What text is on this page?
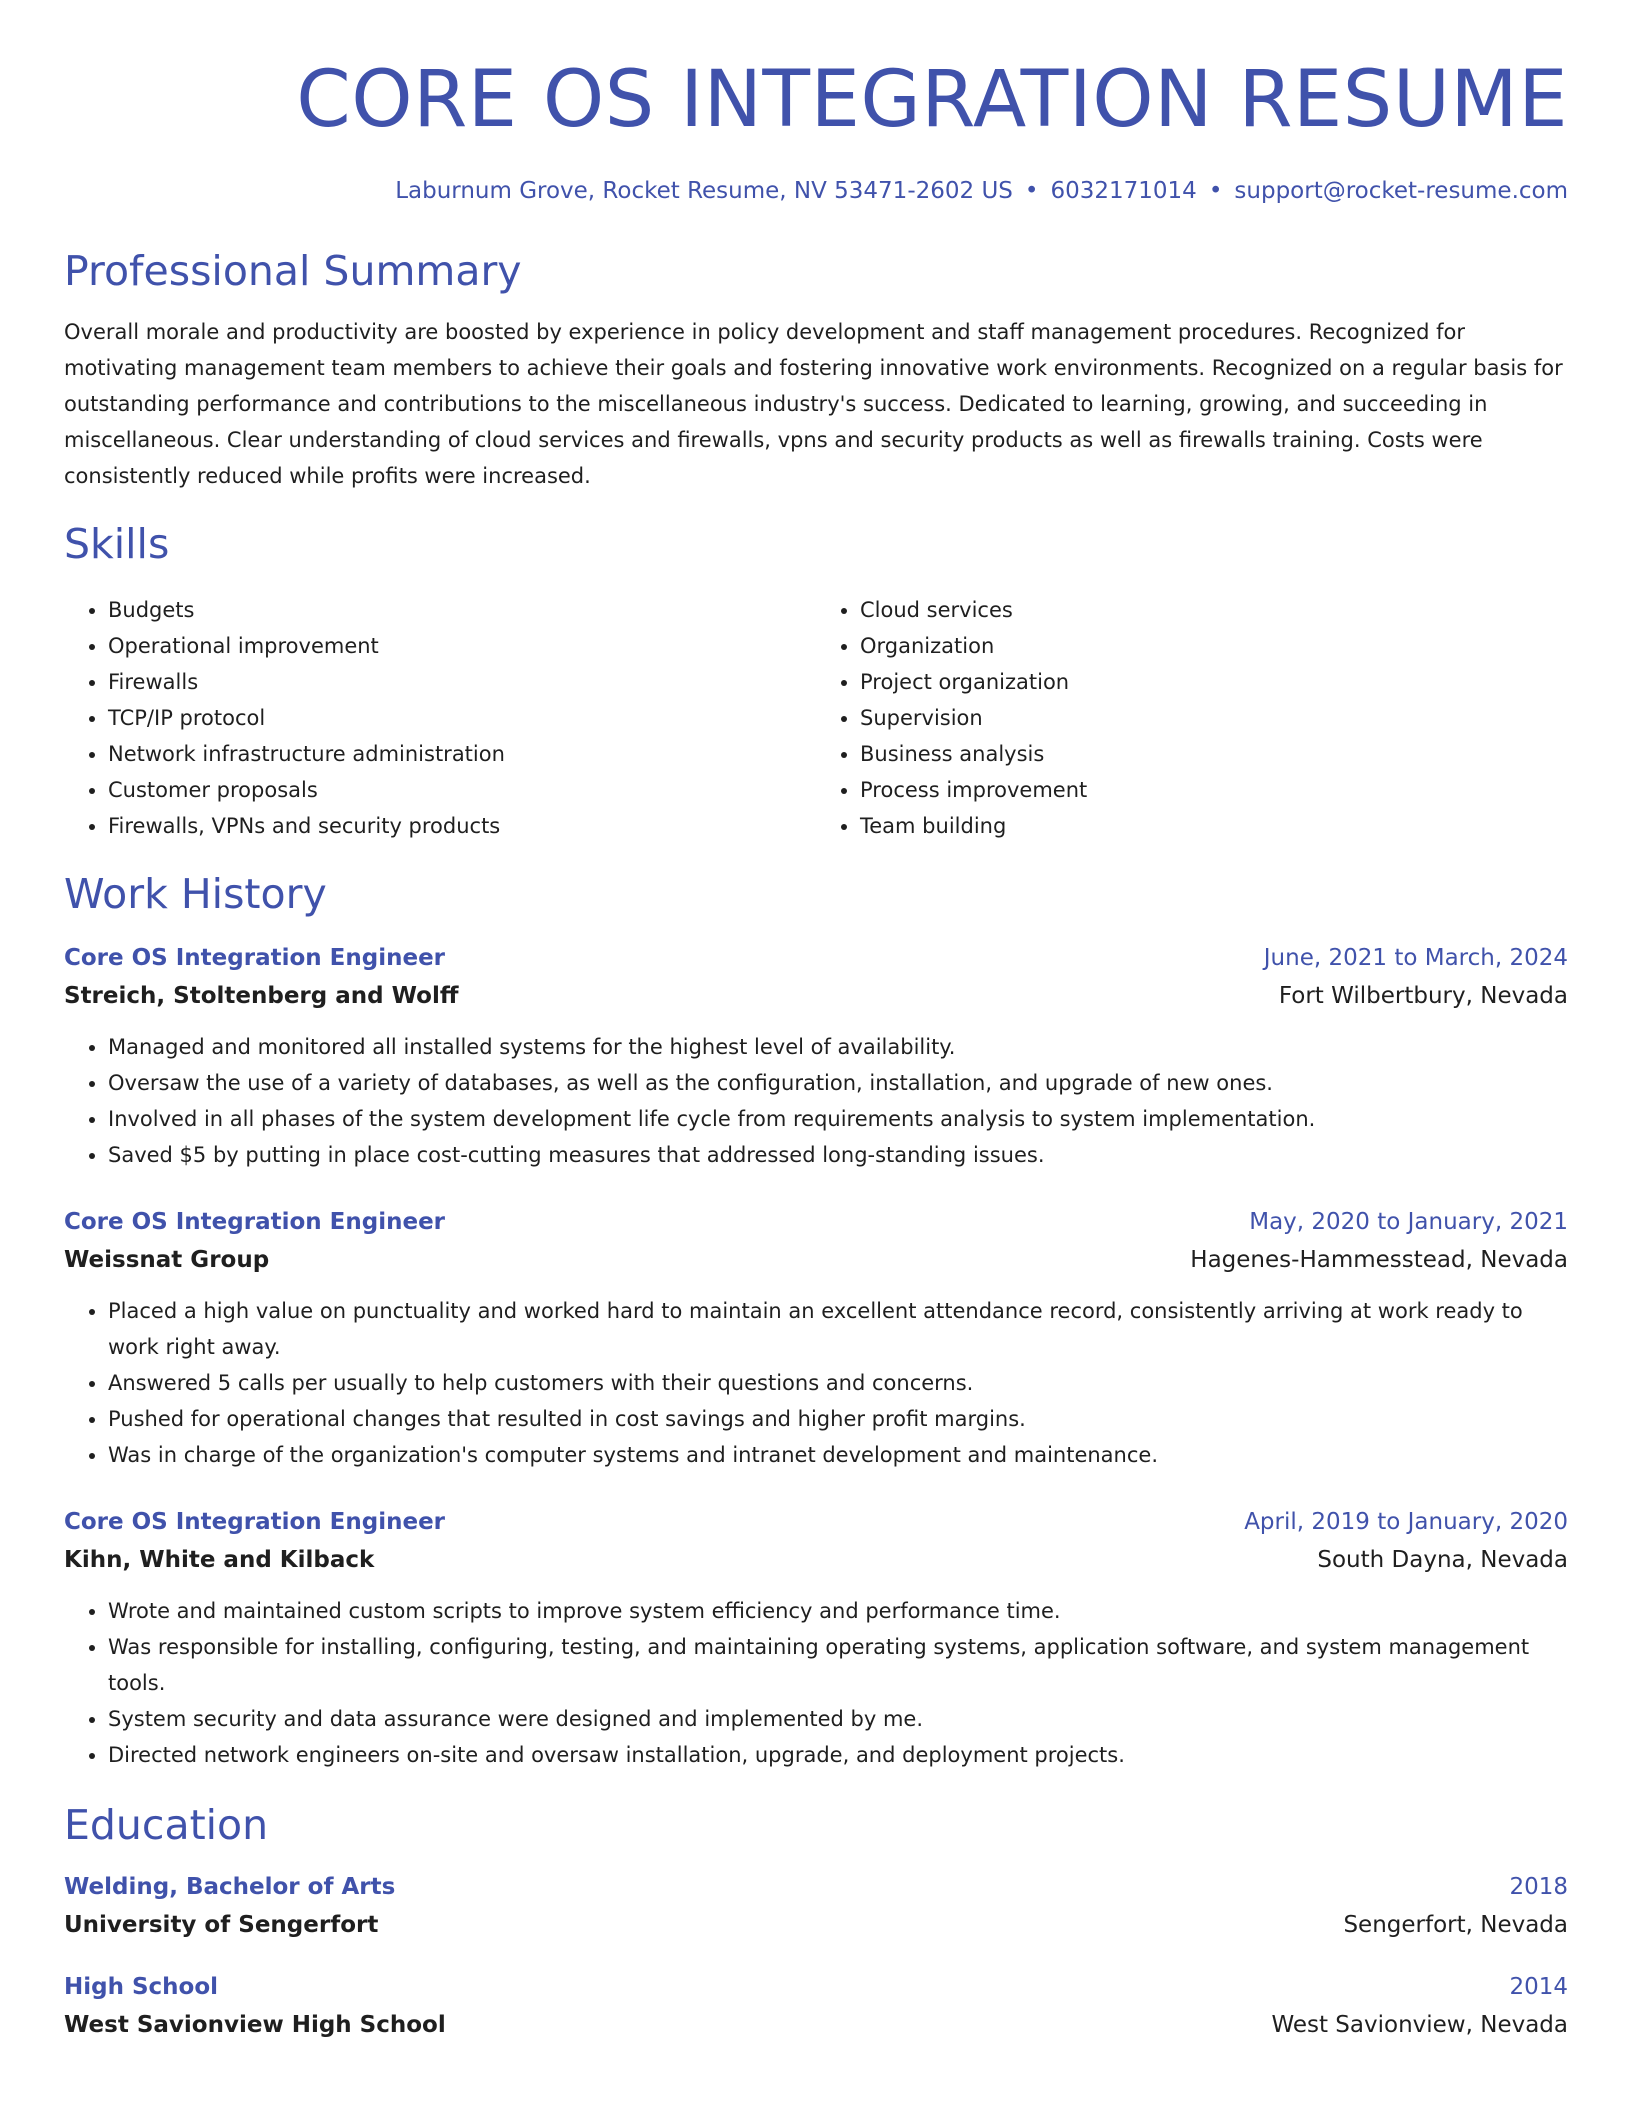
CORE OS INTEGRATION RESUME
Laburnum Grove, Rocket Resume, NV 53471-2602 US • 6032171014 • support@rocket-resume.com
Professional Summary

Overall morale and productivity are boosted by experience in policy development and staff management procedures. Recognized for motivating management team members to achieve their goals and fostering innovative work environments. Recognized on a regular basis for outstanding performance and contributions to the miscellaneous industry's success. Dedicated to learning, growing, and succeeding in miscellaneous. Clear understanding of cloud services and firewalls, vpns and security products as well as firewalls training. Costs were consistently reduced while profits were increased.

Skills
• Budgets
• Operational improvement
• Firewalls
• TCP/IP protocol
• Network infrastructure administration
• Customer proposals
• Firewalls, VPNs and security products
• Cloud services
• Organization
• Project organization
• Supervision
• Business analysis
• Process improvement
• Team building
Work History
Core OS Integration Engineer	June, 2021 to March, 2024
Streich, Stoltenberg and Wolff	Fort Wilbertbury, Nevada
• Managed and monitored all installed systems for the highest level of availability.
• Oversaw the use of a variety of databases, as well as the configuration, installation, and upgrade of new ones.
• Involved in all phases of the system development life cycle from requirements analysis to system implementation.
• Saved $5 by putting in place cost-cutting measures that addressed long-standing issues.
Core OS Integration Engineer	May, 2020 to January, 2021
Weissnat Group	Hagenes-Hammesstead, Nevada
• Placed a high value on punctuality and worked hard to maintain an excellent attendance record, consistently arriving at work ready to work right away.
• Answered 5 calls per usually to help customers with their questions and concerns.
• Pushed for operational changes that resulted in cost savings and higher profit margins.
• Was in charge of the organization's computer systems and intranet development and maintenance.
Core OS Integration Engineer	April, 2019 to January, 2020
Kihn, White and Kilback	South Dayna, Nevada
• Wrote and maintained custom scripts to improve system efficiency and performance time.
• Was responsible for installing, configuring, testing, and maintaining operating systems, application software, and system management tools.
• System security and data assurance were designed and implemented by me.
• Directed network engineers on-site and oversaw installation, upgrade, and deployment projects.
Education
Welding, Bachelor of Arts	2018
University of Sengerfort	Sengerfort, Nevada
High School	2014
West Savionview High School	West Savionview, Nevada
